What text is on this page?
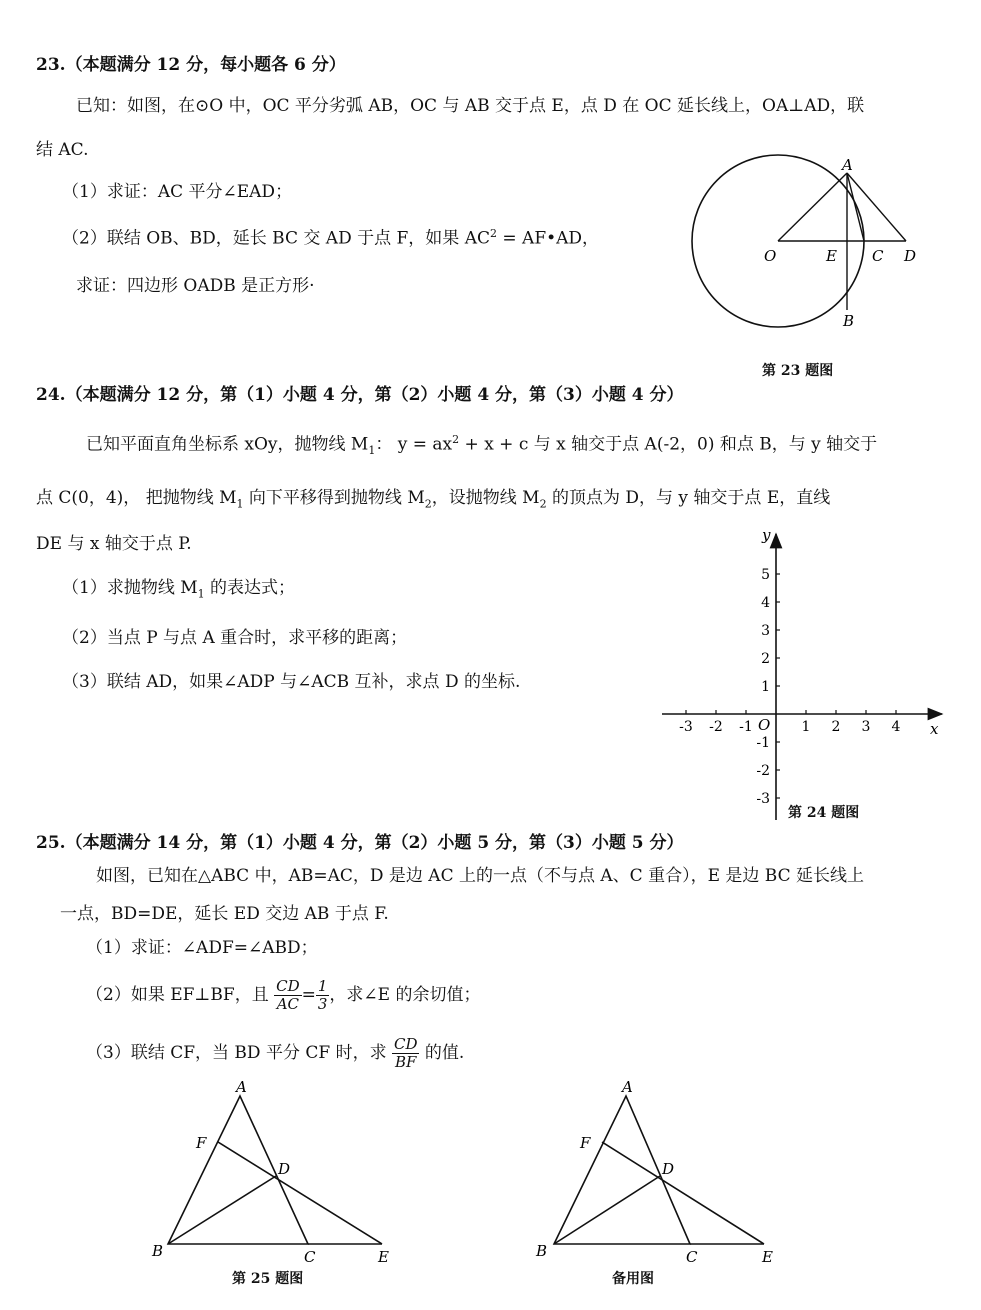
23.（本题满分 12 分，每小题各 6 分）
已知：如图，在⊙O 中，OC 平分劣弧 AB，OC 与 AB 交于点 E，点 D 在 OC 延长线上，OA⊥AD，联
结 AC.
（1）求证：AC 平分∠EAD；
（2）联结 OB、BD，延长 BC 交 AD 于点 F，如果 $AC^2$ = AF•AD，
求证：四边形 OADB 是正方形·
A
O	E C D
B
第 23 题图
24.（本题满分 12 分，第（1）小题 4 分，第（2）小题 4 分，第（3）小题 4 分）
已知平面直角坐标系 xOy，抛物线 $M_1$： $y = ax^2 + x + c$ 与 x 轴交于点 A(-2，0) 和点 B，与 y 轴交于
点 C(0，4)， 把抛物线 $M_1$ 向下平移得到抛物线 $M_2$，设抛物线 $M_2$ 的顶点为 D，与 y 轴交于点 E，直线
DE 与 x 轴交于点 P.
（1）求抛物线 $M_1$ 的表达式；
（2）当点 P 与点 A 重合时，求平移的距离；
（3）联结 AD，如果∠ADP 与∠ACB 互补，求点 D 的坐标.
-3 -2 -1	1 2 3 4
5
4
3
2
1
-1
-2
-3
y
x
O
第 24 题图
25.（本题满分 14 分，第（1）小题 4 分，第（2）小题 5 分，第（3）小题 5 分）
如图，已知在△ABC 中，AB=AC，D 是边 AC 上的一点（不与点 A、C 重合），E 是边 BC 延长线上
一点，BD=DE，延长 ED 交边 AB 于点 F.
（1）求证：∠ADF=∠ABD；
（2）如果 EF⊥BF，且 $\frac{CD}{AC} = \frac{1}{3}$ ，求∠E 的余切值；
（3）联结 CF，当 BD 平分 CF 时，求 $\frac{CD}{BF}$ 的值.
A
F
D
B	C	E
第 25 题图
A
F
D
B	C	E
备用图
